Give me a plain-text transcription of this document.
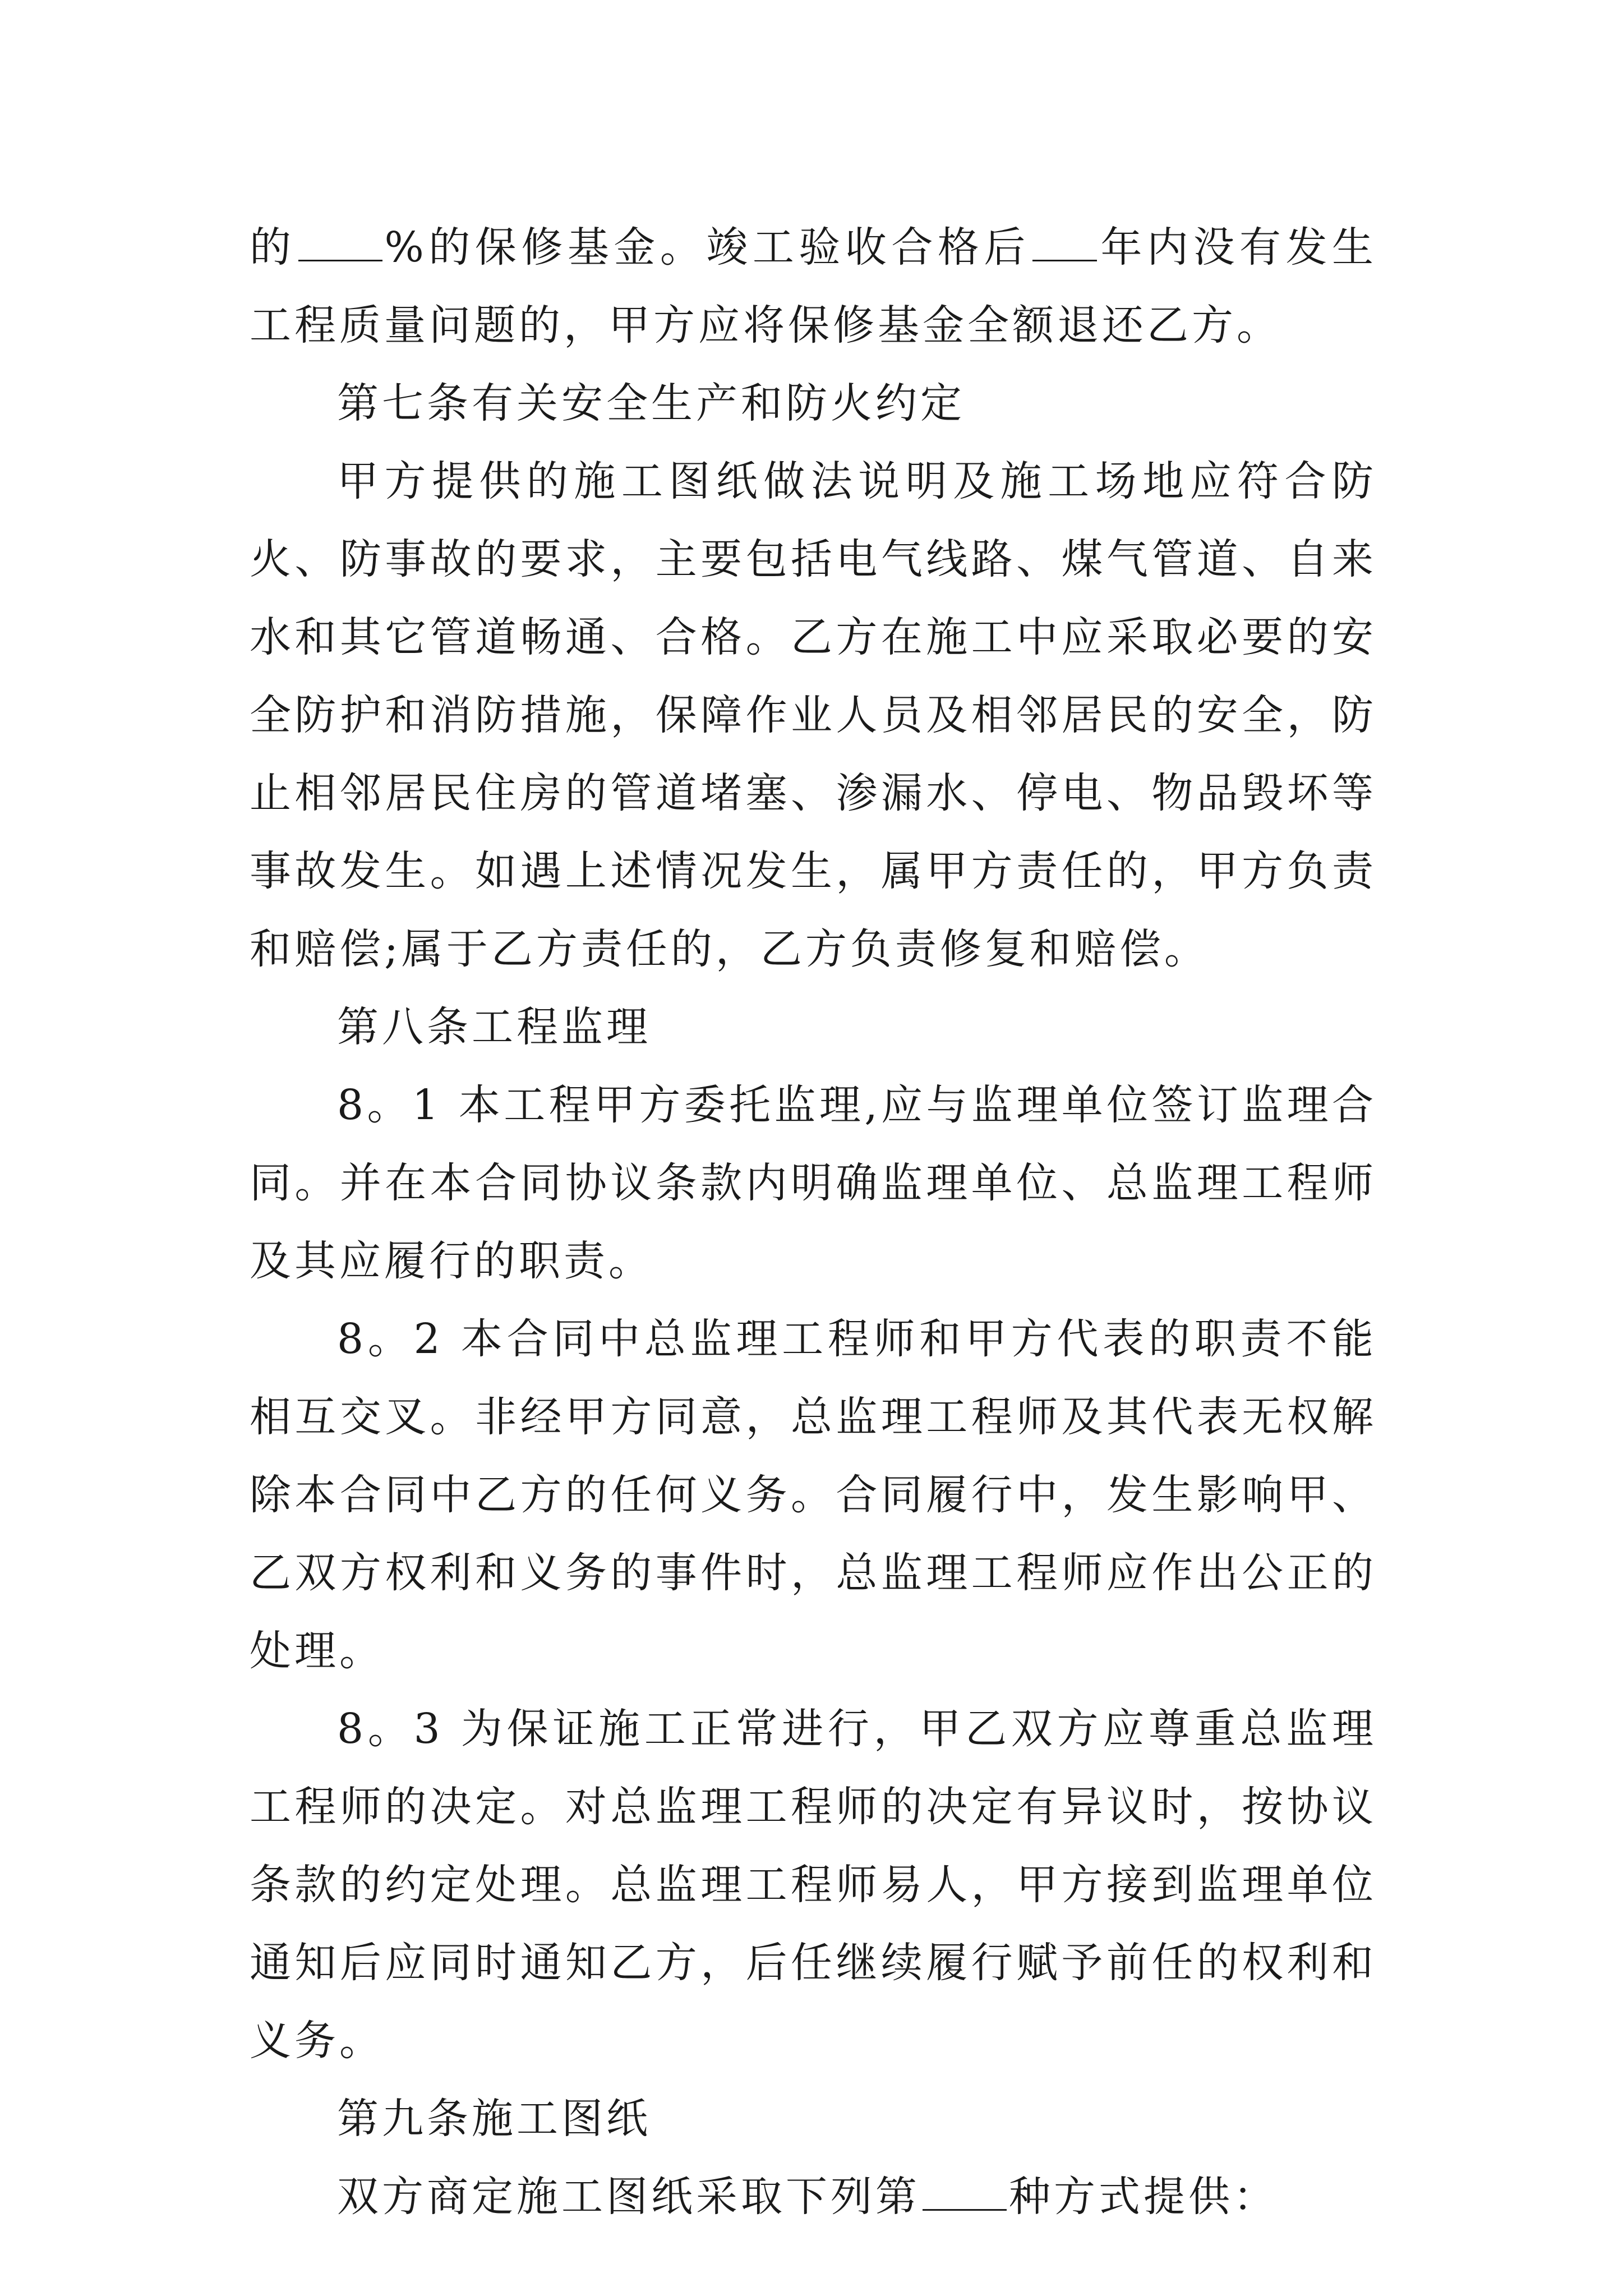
的 %的保修基金。竣工验收合格后 年内没有发生工程质量问题的，甲方应将保修基金全额退还乙方。

第七条有关安全生产和防火约定

甲方提供的施工图纸做法说明及施工场地应符合防火、防事故的要求，主要包括电气线路、煤气管道、自来水和其它管道畅通、合格。乙方在施工中应采取必要的安全防护和消防措施，保障作业人员及相邻居民的安全，防止相邻居民住房的管道堵塞、渗漏水、停电、物品毁坏等事故发生。如遇上述情况发生，属甲方责任的，甲方负责和赔偿;属于乙方责任的，乙方负责修复和赔偿。

第八条工程监理

8。1 本工程甲方委托监理,应与监理单位签订监理合同。并在本合同协议条款内明确监理单位、总监理工程师及其应履行的职责。

8。2 本合同中总监理工程师和甲方代表的职责不能相互交叉。非经甲方同意，总监理工程师及其代表无权解除本合同中乙方的任何义务。合同履行中，发生影响甲、乙双方权利和义务的事件时，总监理工程师应作出公正的处理。

8。3 为保证施工正常进行，甲乙双方应尊重总监理工程师的决定。对总监理工程师的决定有异议时，按协议条款的约定处理。总监理工程师易人，甲方接到监理单位通知后应同时通知乙方，后任继续履行赋予前任的权利和义务。

第九条施工图纸

双方商定施工图纸采取下列第 种方式提供：
